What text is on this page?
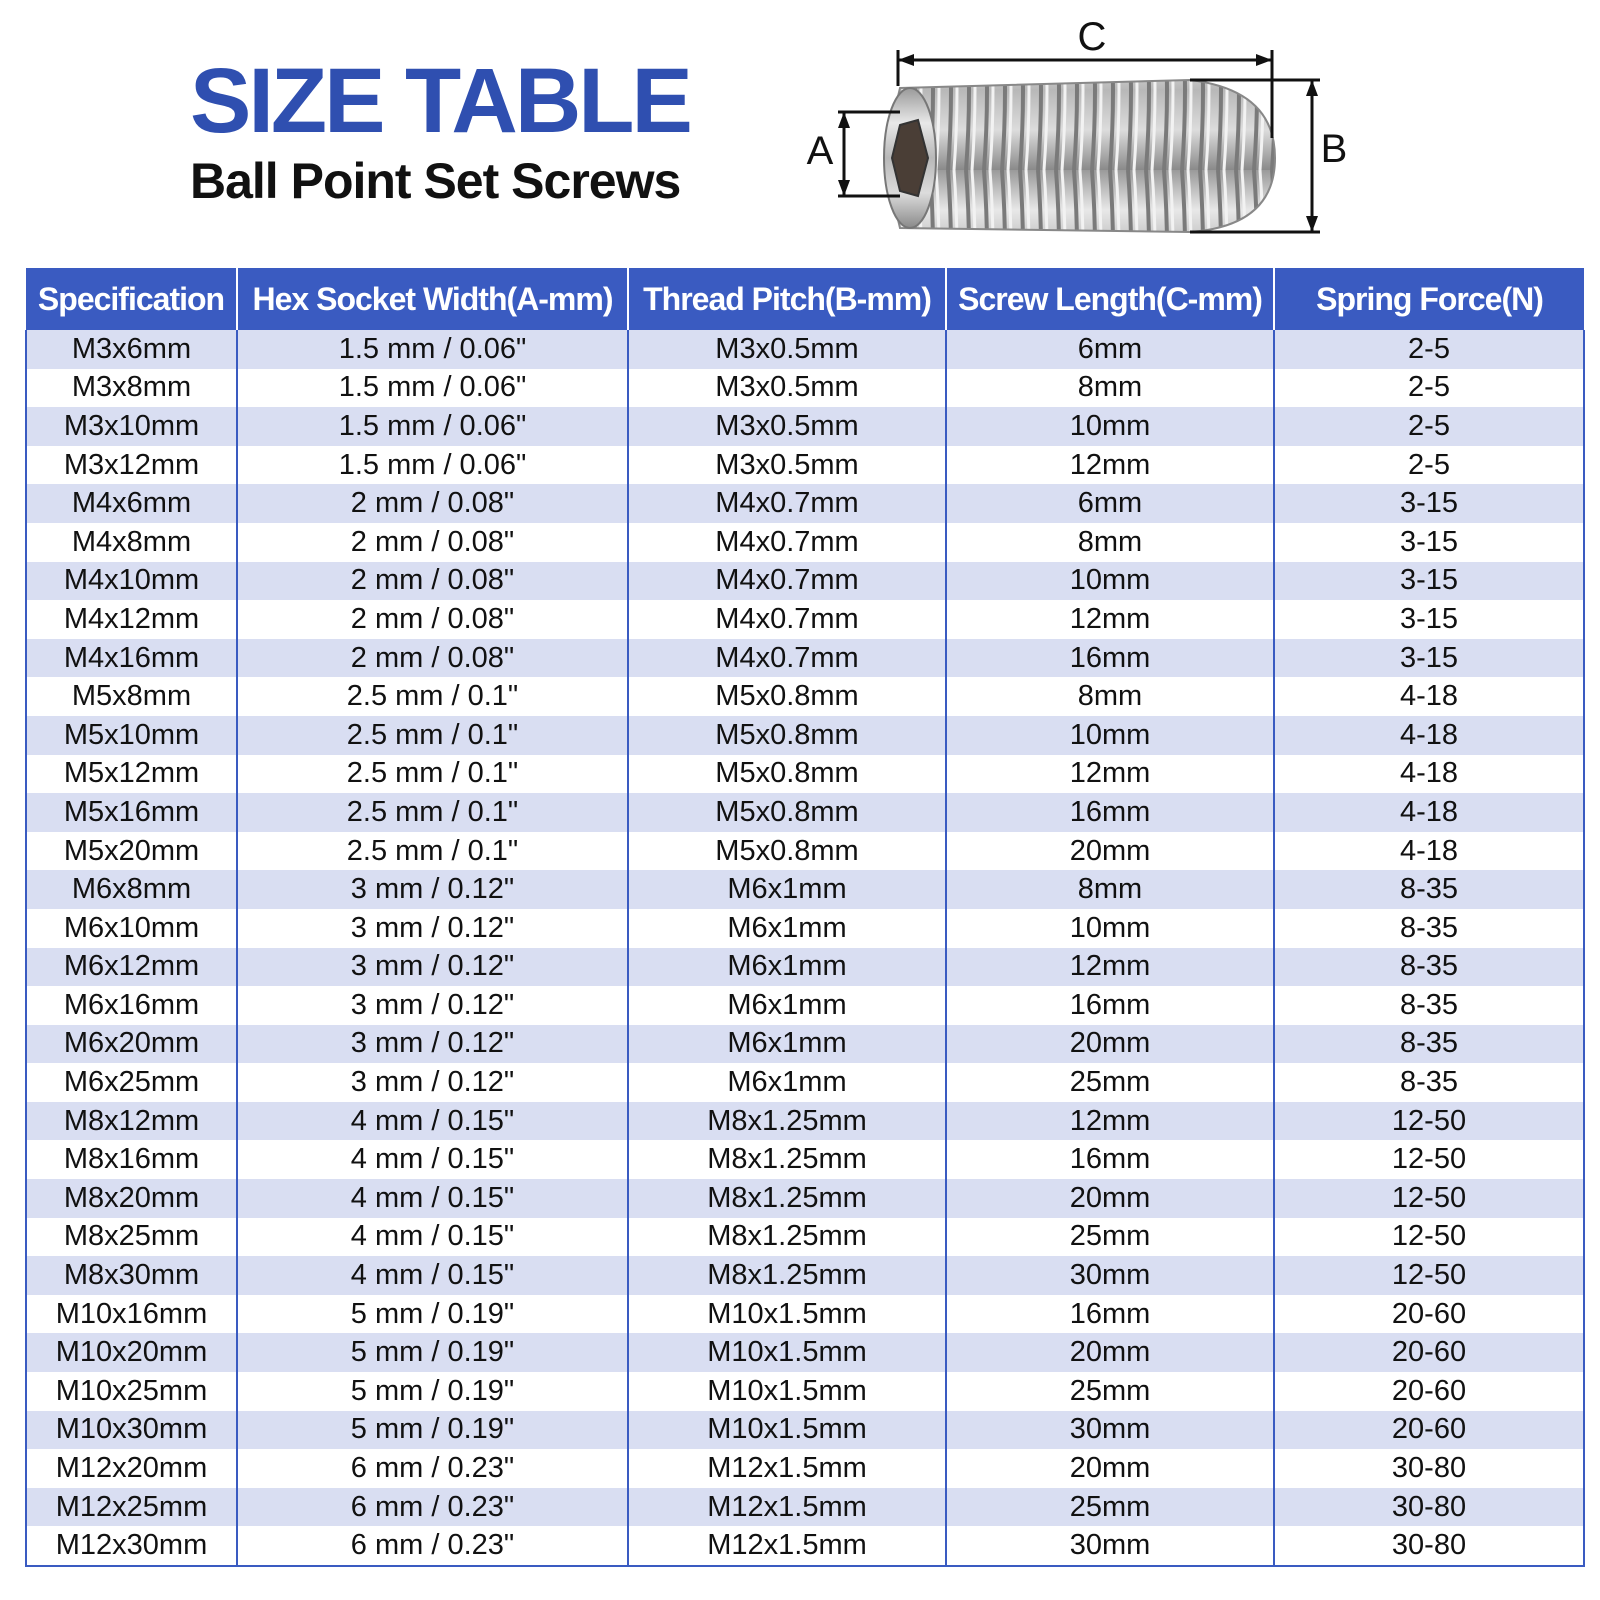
SIZE TABLE
Ball Point Set Screws
C
A	B
Specification	Hex Socket Width(A-mm)	Thread Pitch(B-mm)	Screw Length(C-mm)	Spring Force(N)
M3x6mm	1.5 mm / 0.06"	M3x0.5mm	6mm	2-5
M3x8mm	1.5 mm / 0.06"	M3x0.5mm	8mm	2-5
M3x10mm	1.5 mm / 0.06"	M3x0.5mm	10mm	2-5
M3x12mm	1.5 mm / 0.06"	M3x0.5mm	12mm	2-5
M4x6mm	2 mm / 0.08"	M4x0.7mm	6mm	3-15
M4x8mm	2 mm / 0.08"	M4x0.7mm	8mm	3-15
M4x10mm	2 mm / 0.08"	M4x0.7mm	10mm	3-15
M4x12mm	2 mm / 0.08"	M4x0.7mm	12mm	3-15
M4x16mm	2 mm / 0.08"	M4x0.7mm	16mm	3-15
M5x8mm	2.5 mm / 0.1"	M5x0.8mm	8mm	4-18
M5x10mm	2.5 mm / 0.1"	M5x0.8mm	10mm	4-18
M5x12mm	2.5 mm / 0.1"	M5x0.8mm	12mm	4-18
M5x16mm	2.5 mm / 0.1"	M5x0.8mm	16mm	4-18
M5x20mm	2.5 mm / 0.1"	M5x0.8mm	20mm	4-18
M6x8mm	3 mm / 0.12"	M6x1mm	8mm	8-35
M6x10mm	3 mm / 0.12"	M6x1mm	10mm	8-35
M6x12mm	3 mm / 0.12"	M6x1mm	12mm	8-35
M6x16mm	3 mm / 0.12"	M6x1mm	16mm	8-35
M6x20mm	3 mm / 0.12"	M6x1mm	20mm	8-35
M6x25mm	3 mm / 0.12"	M6x1mm	25mm	8-35
M8x12mm	4 mm / 0.15"	M8x1.25mm	12mm	12-50
M8x16mm	4 mm / 0.15"	M8x1.25mm	16mm	12-50
M8x20mm	4 mm / 0.15"	M8x1.25mm	20mm	12-50
M8x25mm	4 mm / 0.15"	M8x1.25mm	25mm	12-50
M8x30mm	4 mm / 0.15"	M8x1.25mm	30mm	12-50
M10x16mm	5 mm / 0.19"	M10x1.5mm	16mm	20-60
M10x20mm	5 mm / 0.19"	M10x1.5mm	20mm	20-60
M10x25mm	5 mm / 0.19"	M10x1.5mm	25mm	20-60
M10x30mm	5 mm / 0.19"	M10x1.5mm	30mm	20-60
M12x20mm	6 mm / 0.23"	M12x1.5mm	20mm	30-80
M12x25mm	6 mm / 0.23"	M12x1.5mm	25mm	30-80
M12x30mm	6 mm / 0.23"	M12x1.5mm	30mm	30-80
